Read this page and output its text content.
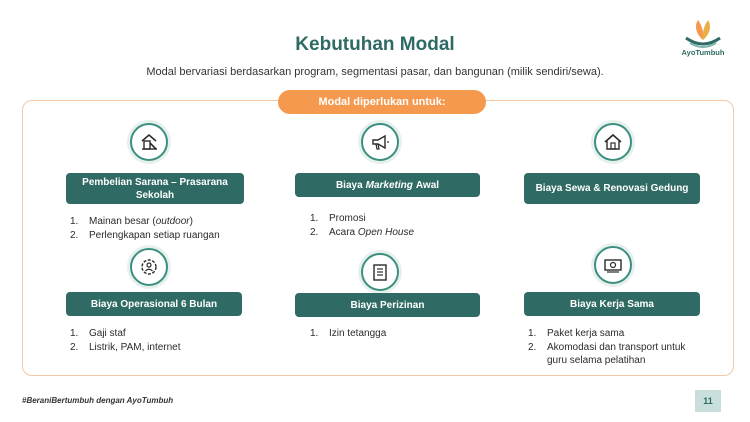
Kebutuhan Modal
Modal bervariasi berdasarkan program, segmentasi pasar, dan bangunan (milik sendiri/sewa).
AyoTumbuh
Modal diperlukan untuk:
Pembelian Sarana – Prasarana Sekolah
1.	Mainan besar (outdoor)
2.	Perlengkapan setiap ruangan
Biaya Marketing Awal
1.	Promosi
2.	Acara Open House
Biaya Sewa & Renovasi Gedung
Biaya Operasional 6 Bulan
1.	Gaji staf
2.	Listrik, PAM, internet
Biaya Perizinan
1.	Izin tetangga
Biaya Kerja Sama
1.	Paket kerja sama
2.	Akomodasi dan transport untuk guru selama pelatihan
#BeraniBertumbuh dengan AyoTumbuh	11
